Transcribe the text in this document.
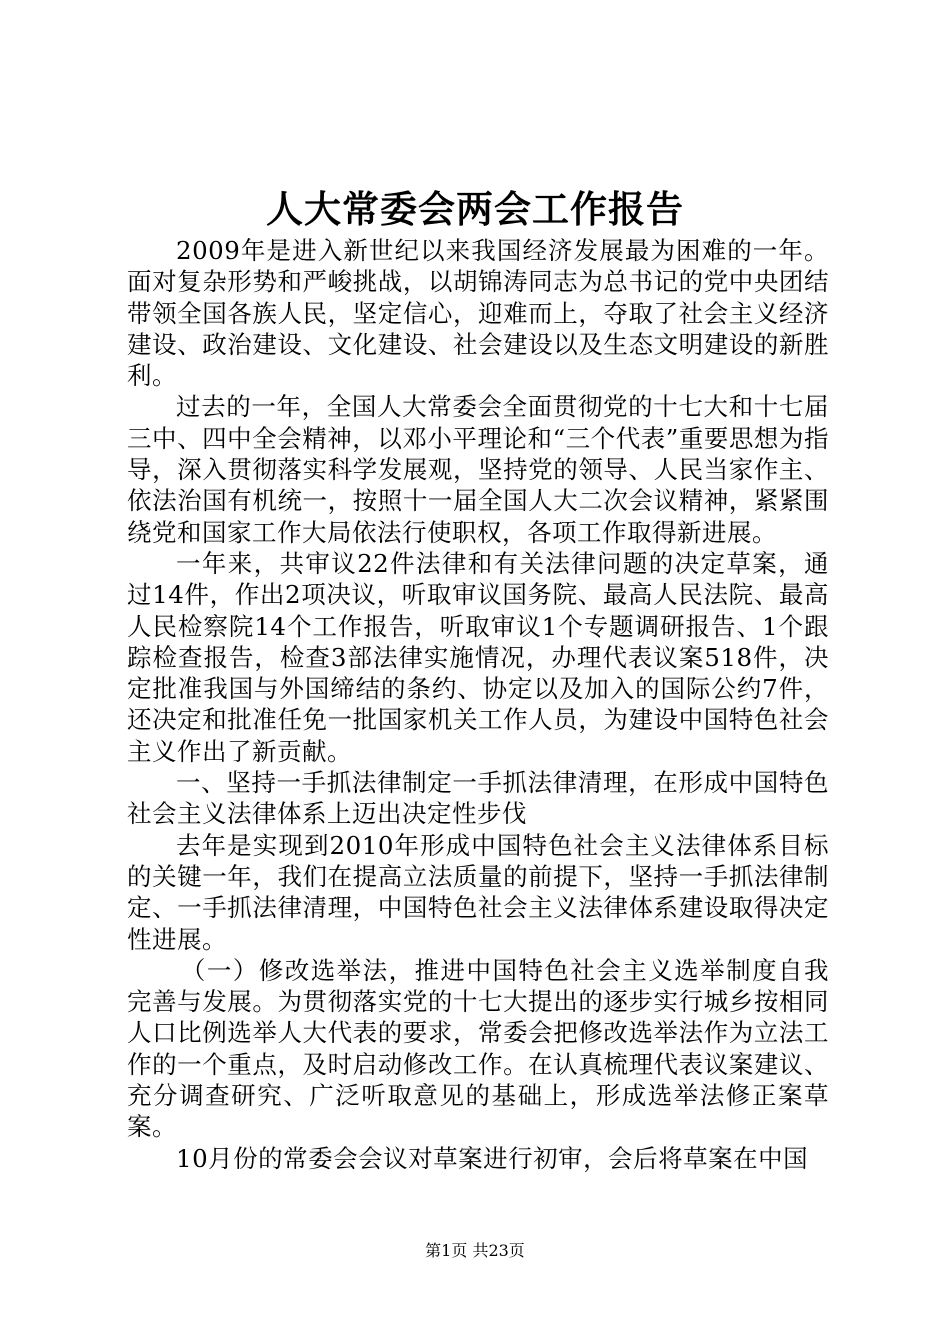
人大常委会两会工作报告

2009年是进入新世纪以来我国经济发展最为困难的一年。面对复杂形势和严峻挑战，以胡锦涛同志为总书记的党中央团结带领全国各族人民，坚定信心，迎难而上，夺取了社会主义经济建设、政治建设、文化建设、社会建设以及生态文明建设的新胜利。

过去的一年，全国人大常委会全面贯彻党的十七大和十七届三中、四中全会精神，以邓小平理论和“三个代表”重要思想为指导，深入贯彻落实科学发展观，坚持党的领导、人民当家作主、依法治国有机统一，按照十一届全国人大二次会议精神，紧紧围绕党和国家工作大局依法行使职权，各项工作取得新进展。

一年来，共审议22件法律和有关法律问题的决定草案，通过14件，作出2项决议，听取审议国务院、最高人民法院、最高人民检察院14个工作报告，听取审议1个专题调研报告、1个跟踪检查报告，检查3部法律实施情况，办理代表议案518件，决定批准我国与外国缔结的条约、协定以及加入的国际公约7件，还决定和批准任免一批国家机关工作人员，为建设中国特色社会主义作出了新贡献。

一、坚持一手抓法律制定一手抓法律清理，在形成中国特色社会主义法律体系上迈出决定性步伐

去年是实现到2010年形成中国特色社会主义法律体系目标的关键一年，我们在提高立法质量的前提下，坚持一手抓法律制定、一手抓法律清理，中国特色社会主义法律体系建设取得决定性进展。

（一）修改选举法，推进中国特色社会主义选举制度自我完善与发展。为贯彻落实党的十七大提出的逐步实行城乡按相同人口比例选举人大代表的要求，常委会把修改选举法作为立法工作的一个重点，及时启动修改工作。在认真梳理代表议案建议、充分调查研究、广泛听取意见的基础上，形成选举法修正案草案。

10月份的常委会会议对草案进行初审，会后将草案在中国

第1页 共23页
